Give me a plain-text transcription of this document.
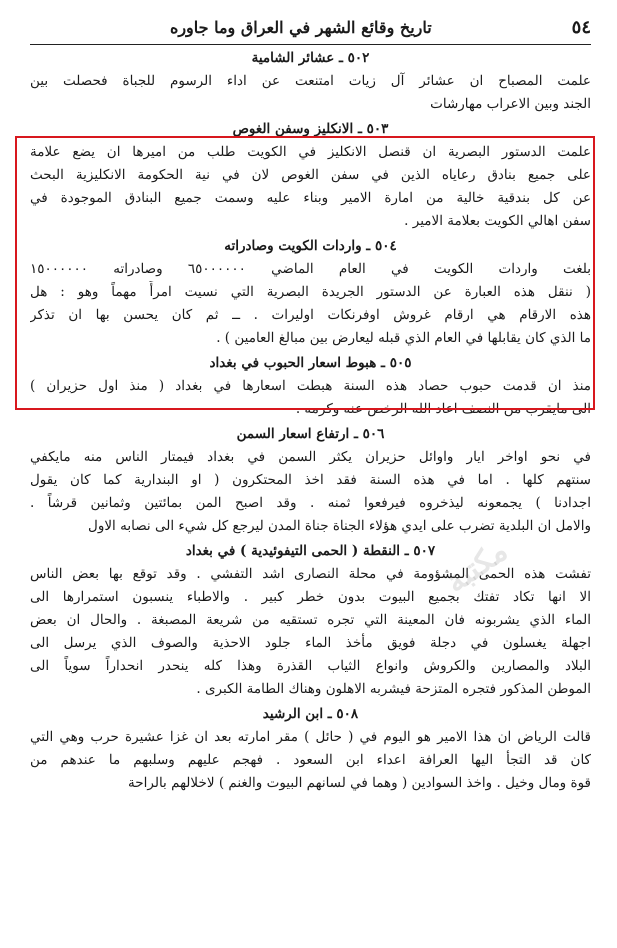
٥٤
تاريخ وقائع الشهر في العراق وما جاوره
٥٠٢ ـ عشائر الشامية
علمت المصباح ان عشائر آل زيات امتنعت عن اداء الرسوم للجباة فحصلت بين
الجند وبين الاعراب مهارشات
٥٠٣ ـ الانكليز وسفن الغوص
علمت الدستور البصرية ان قنصل الانكليز في الكويت طلب من اميرها ان يضع علامة
على جميع بنادق رعاياه الذين في سفن الغوص لان في نية الحكومة الانكليزية البحث
عن كل بندقية خالية من امارة الامير وبناء عليه وسمت جميع البنادق الموجودة في
سفن اهالي الكويت بعلامة الامير .
٥٠٤ ـ واردات الكويت وصادراته
بلغت واردات الكويت في العام الماضي ٦٥٠٠٠٠٠٠ وصادراته ١٥٠٠٠٠٠٠
( ننقل هذه العبارة عن الدستور الجريدة البصرية التي نسيت امرأً مهماً وهو : هل
هذه الارقام هي ارقام غروش اوفرنكات اوليرات . ــ ثم كان يحسن بها ان تذكر
ما الذي كان يقابلها في العام الذي قبله ليعارض بين مبالغ العامين ) .
٥٠٥ ـ هبوط اسعار الحبوب في بغداد
منذ ان قدمت حبوب حصاد هذه السنة هبطت اسعارها في بغداد ( منذ اول حزيران )
الى مايقرب من النصف اعاد الله الرخص عنه وكرمه .
٥٠٦ ـ ارتفاع اسعار السمن
في نحو اواخر ايار واوائل حزيران يكثر السمن في بغداد فيمتار الناس منه مايكفي
سنتهم كلها . اما في هذه السنة فقد اخذ المحتكرون ( او البندارية كما كان يقول
اجدادنا ) يجمعونه ليذخروه فيرفعوا ثمنه . وقد اصبح المن بمائتين وثمانين قرشاً .
والامل ان البلدية تضرب على ايدي هؤلاء الجناة جناة المدن ليرجع كل شيء الى نصابه الاول
٥٠٧ ـ النقطة ( الحمى التيفوئيدية ) في بغداد
تفشت هذه الحمى المشؤومة في محلة النصارى اشد التفشي . وقد توقع بها بعض الناس
الا انها تكاد تفتك بجميع البيوت بدون خطر كبير . والاطباء ينسبون استمرارها الى
الماء الذي يشربونه فان المعينة التي تجره تستقيه من شريعة المصبغة . والحال ان بعض
اجهلة يغسلون في دجلة فويق مأخذ الماء جلود الاحذية والصوف الذي يرسل الى
البلاد والمصارين والكروش وانواع الثياب القذرة وهذا كله ينحدر انحداراً سوياً الى
الموطن المذكور فتجره المتزحة فيشربه الاهلون وهناك الطامة الكبرى .
٥٠٨ ـ ابن الرشيد
قالت الرياض ان هذا الامير هو اليوم في ( حائل ) مقر امارته بعد ان غزا عشيرة حرب وهي التي
كان قد التجأ اليها العرافة اعداء ابن السعود . فهجم عليهم وسلبهم ما عندهم من
قوة ومال وخيل . واخذ السوادين ( وهما في لسانهم البيوت والغنم ) لاخلالهم بالراحة
مكتبة
